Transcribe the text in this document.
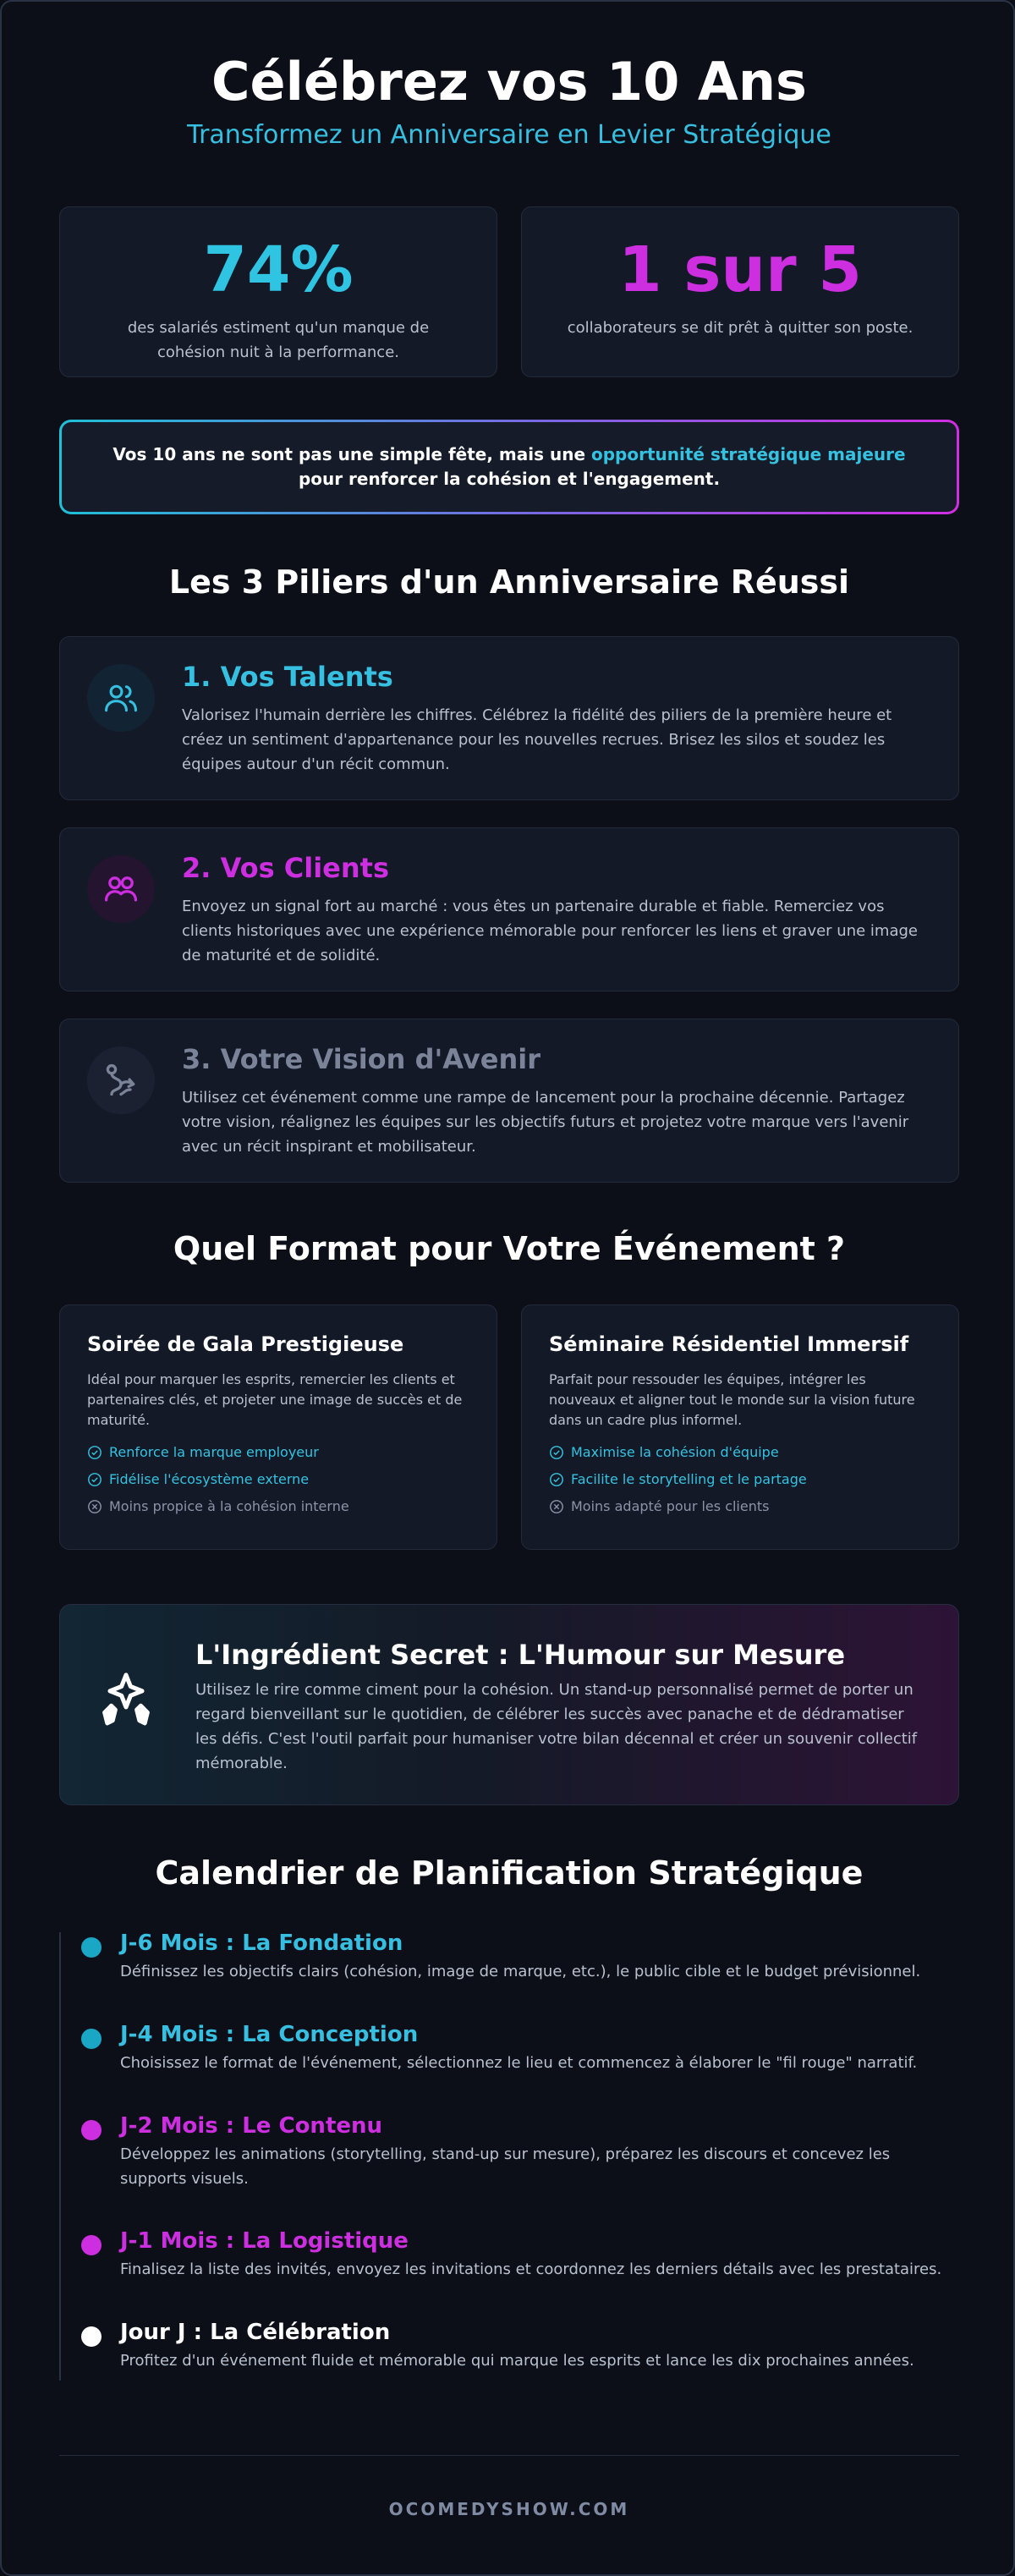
Célébrez vos 10 Ans
Transformez un Anniversaire en Levier Stratégique
74%
des salariés estiment qu'un manque de cohésion nuit à la performance.
1 sur 5
collaborateurs se dit prêt à quitter son poste.

Vos 10 ans ne sont pas une simple fête, mais une opportunité stratégique majeure pour renforcer la cohésion et l'engagement.

Les 3 Piliers d'un Anniversaire Réussi
1. Vos Talents
Valorisez l'humain derrière les chiffres. Célébrez la fidélité des piliers de la première heure et créez un sentiment d'appartenance pour les nouvelles recrues. Brisez les silos et soudez les équipes autour d'un récit commun.
2. Vos Clients
Envoyez un signal fort au marché : vous êtes un partenaire durable et fiable. Remerciez vos clients historiques avec une expérience mémorable pour renforcer les liens et graver une image de maturité et de solidité.
3. Votre Vision d'Avenir
Utilisez cet événement comme une rampe de lancement pour la prochaine décennie. Partagez votre vision, réalignez les équipes sur les objectifs futurs et projetez votre marque vers l'avenir avec un récit inspirant et mobilisateur.
Quel Format pour Votre Événement ?
Soirée de Gala Prestigieuse
Idéal pour marquer les esprits, remercier les clients et partenaires clés, et projeter une image de succès et de maturité.
Renforce la marque employeur
Fidélise l'écosystème externe
Moins propice à la cohésion interne
Séminaire Résidentiel Immersif
Parfait pour ressouder les équipes, intégrer les nouveaux et aligner tout le monde sur la vision future dans un cadre plus informel.
Maximise la cohésion d'équipe
Facilite le storytelling et le partage
Moins adapté pour les clients
L'Ingrédient Secret : L'Humour sur Mesure
Utilisez le rire comme ciment pour la cohésion. Un stand-up personnalisé permet de porter un regard bienveillant sur le quotidien, de célébrer les succès avec panache et de dédramatiser les défis. C'est l'outil parfait pour humaniser votre bilan décennal et créer un souvenir collectif mémorable.
Calendrier de Planification Stratégique
J-6 Mois : La Fondation
Définissez les objectifs clairs (cohésion, image de marque, etc.), le public cible et le budget prévisionnel.
J-4 Mois : La Conception
Choisissez le format de l'événement, sélectionnez le lieu et commencez à élaborer le "fil rouge" narratif.
J-2 Mois : Le Contenu
Développez les animations (storytelling, stand-up sur mesure), préparez les discours et concevez les supports visuels.
J-1 Mois : La Logistique
Finalisez la liste des invités, envoyez les invitations et coordonnez les derniers détails avec les prestataires.
Jour J : La Célébration
Profitez d'un événement fluide et mémorable qui marque les esprits et lance les dix prochaines années.
OCOMEDYSHOW.COM
